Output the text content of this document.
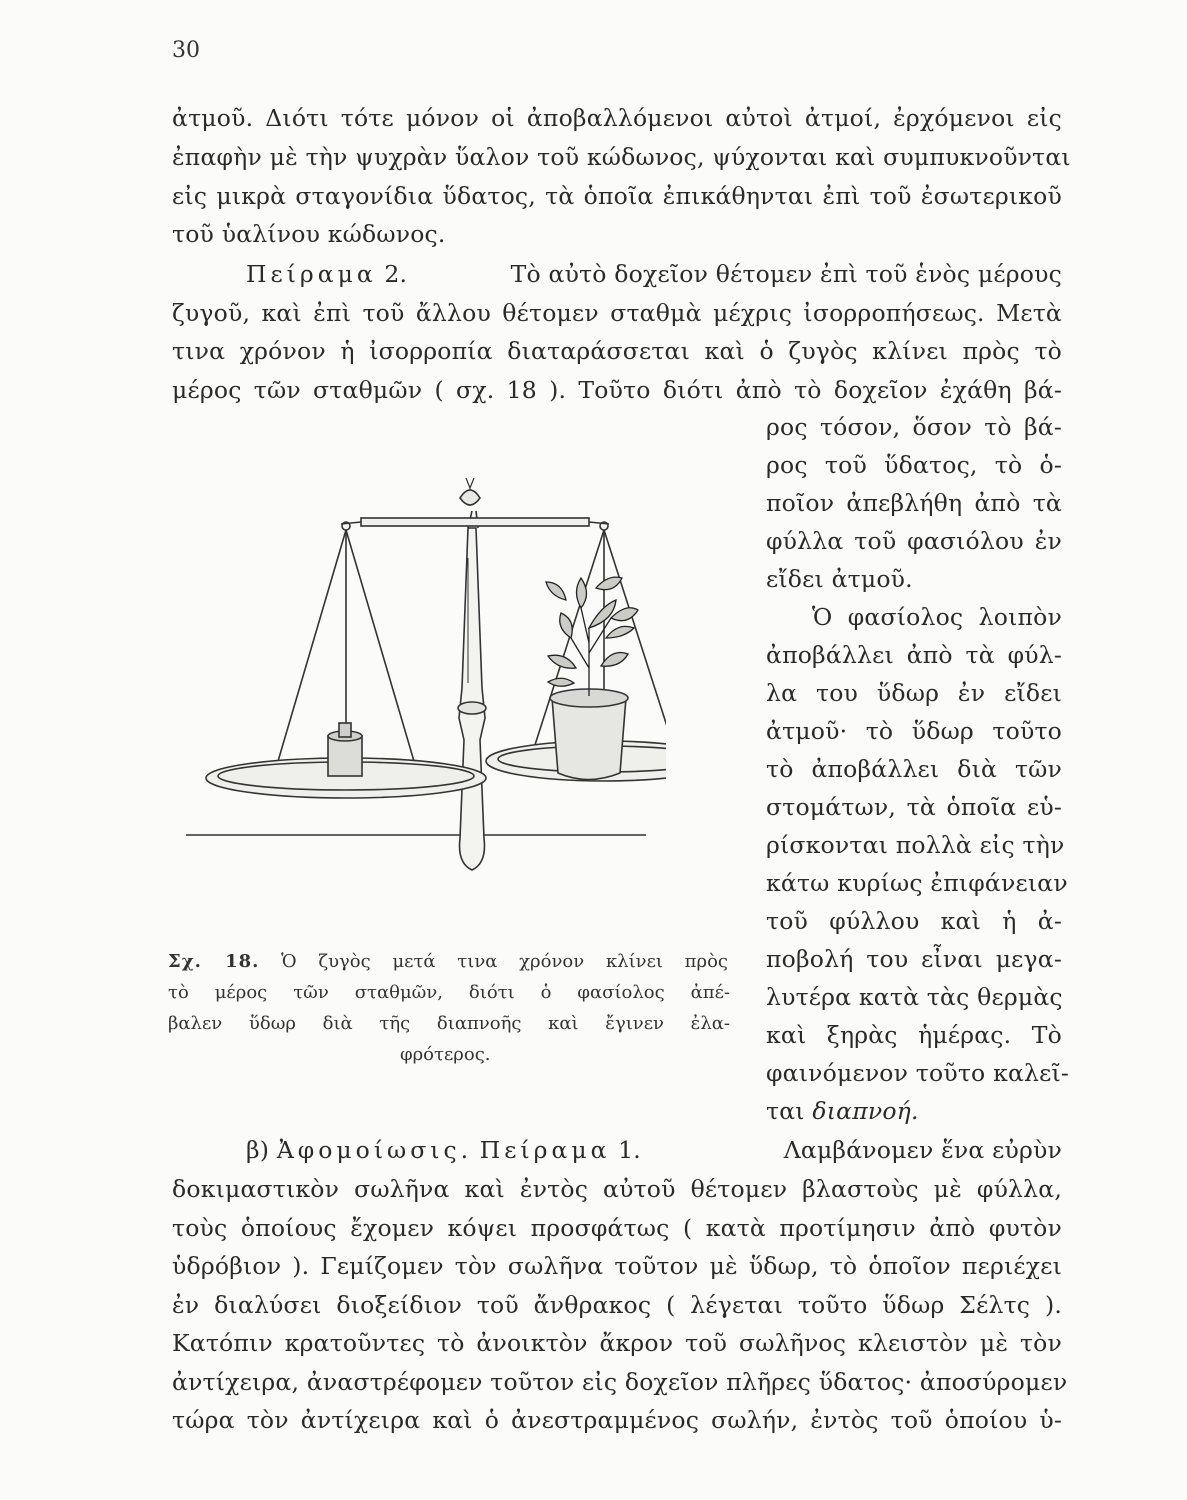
30
ἀτμοῦ. Διότι τότε μόνον οἱ ἀποβαλλόμενοι αὐτοὶ ἀτμοί, ἐρχόμενοι εἰς
ἐπαφὴν μὲ τὴν ψυχρὰν ὕαλον τοῦ κώδωνος, ψύχονται καὶ συμπυκνοῦνται
εἰς μικρὰ σταγονίδια ὕδατος, τὰ ὁποῖα ἐπικάθηνται ἐπὶ τοῦ ἐσωτερικοῦ
τοῦ ὑαλίνου κώδωνος.
Πείραμα 2.	Τὸ αὐτὸ δοχεῖον θέτομεν ἐπὶ τοῦ ἑνὸς μέρους
ζυγοῦ, καὶ ἐπὶ τοῦ ἄλλου θέτομεν σταθμὰ μέχρις ἰσορροπήσεως. Μετὰ
τινα χρόνον ἡ ἰσορροπία διαταράσσεται καὶ ὁ ζυγὸς κλίνει πρὸς τὸ
μέρος τῶν σταθμῶν ( σχ. 18 ). Τοῦτο διότι ἀπὸ τὸ δοχεῖον ἐχάθη βά-
ρος τόσον, ὅσον τὸ βά-
ρος τοῦ ὕδατος, τὸ ὁ-
ποῖον ἀπεβλήθη ἀπὸ τὰ
φύλλα τοῦ φασιόλου ἐν
εἴδει ἀτμοῦ.
Ὁ φασίολος λοιπὸν
ἀποβάλλει ἀπὸ τὰ φύλ-
λα του ὕδωρ ἐν εἴδει
ἀτμοῦ· τὸ ὕδωρ τοῦτο
τὸ ἀποβάλλει διὰ τῶν
στομάτων, τὰ ὁποῖα εὑ-
ρίσκονται πολλὰ εἰς τὴν
κάτω κυρίως ἐπιφάνειαν
τοῦ φύλλου καὶ ἡ ἀ-
ποβολή του εἶναι μεγα-
λυτέρα κατὰ τὰς θερμὰς
καὶ ξηρὰς ἡμέρας. Τὸ
φαινόμενον τοῦτο καλεῖ-
ται διαπνοή.
Σχ. 18. Ὁ ζυγὸς μετά τινα χρόνον κλίνει πρὸς
τὸ μέρος τῶν σταθμῶν, διότι ὁ φασίολος ἀπέ-
βαλεν ὕδωρ διὰ τῆς διαπνοῆς καὶ ἔγινεν ἐλα-
φρότερος.
β) Ἀφομοίωσις. Πείραμα 1.	Λαμβάνομεν ἕνα εὐρὺν
δοκιμαστικὸν σωλῆνα καὶ ἐντὸς αὐτοῦ θέτομεν βλαστοὺς μὲ φύλλα,
τοὺς ὁποίους ἔχομεν κόψει προσφάτως ( κατὰ προτίμησιν ἀπὸ φυτὸν
ὑδρόβιον ). Γεμίζομεν τὸν σωλῆνα τοῦτον μὲ ὕδωρ, τὸ ὁποῖον περιέχει
ἐν διαλύσει διοξείδιον τοῦ ἄνθρακος ( λέγεται τοῦτο ὕδωρ Σέλτς ).
Κατόπιν κρατοῦντες τὸ ἀνοικτὸν ἄκρον τοῦ σωλῆνος κλειστὸν μὲ τὸν
ἀντίχειρα, ἀναστρέφομεν τοῦτον εἰς δοχεῖον πλῆρες ὕδατος· ἀποσύρομεν
τώρα τὸν ἀντίχειρα καὶ ὁ ἀνεστραμμένος σωλήν, ἐντὸς τοῦ ὁποίου ὑ-
